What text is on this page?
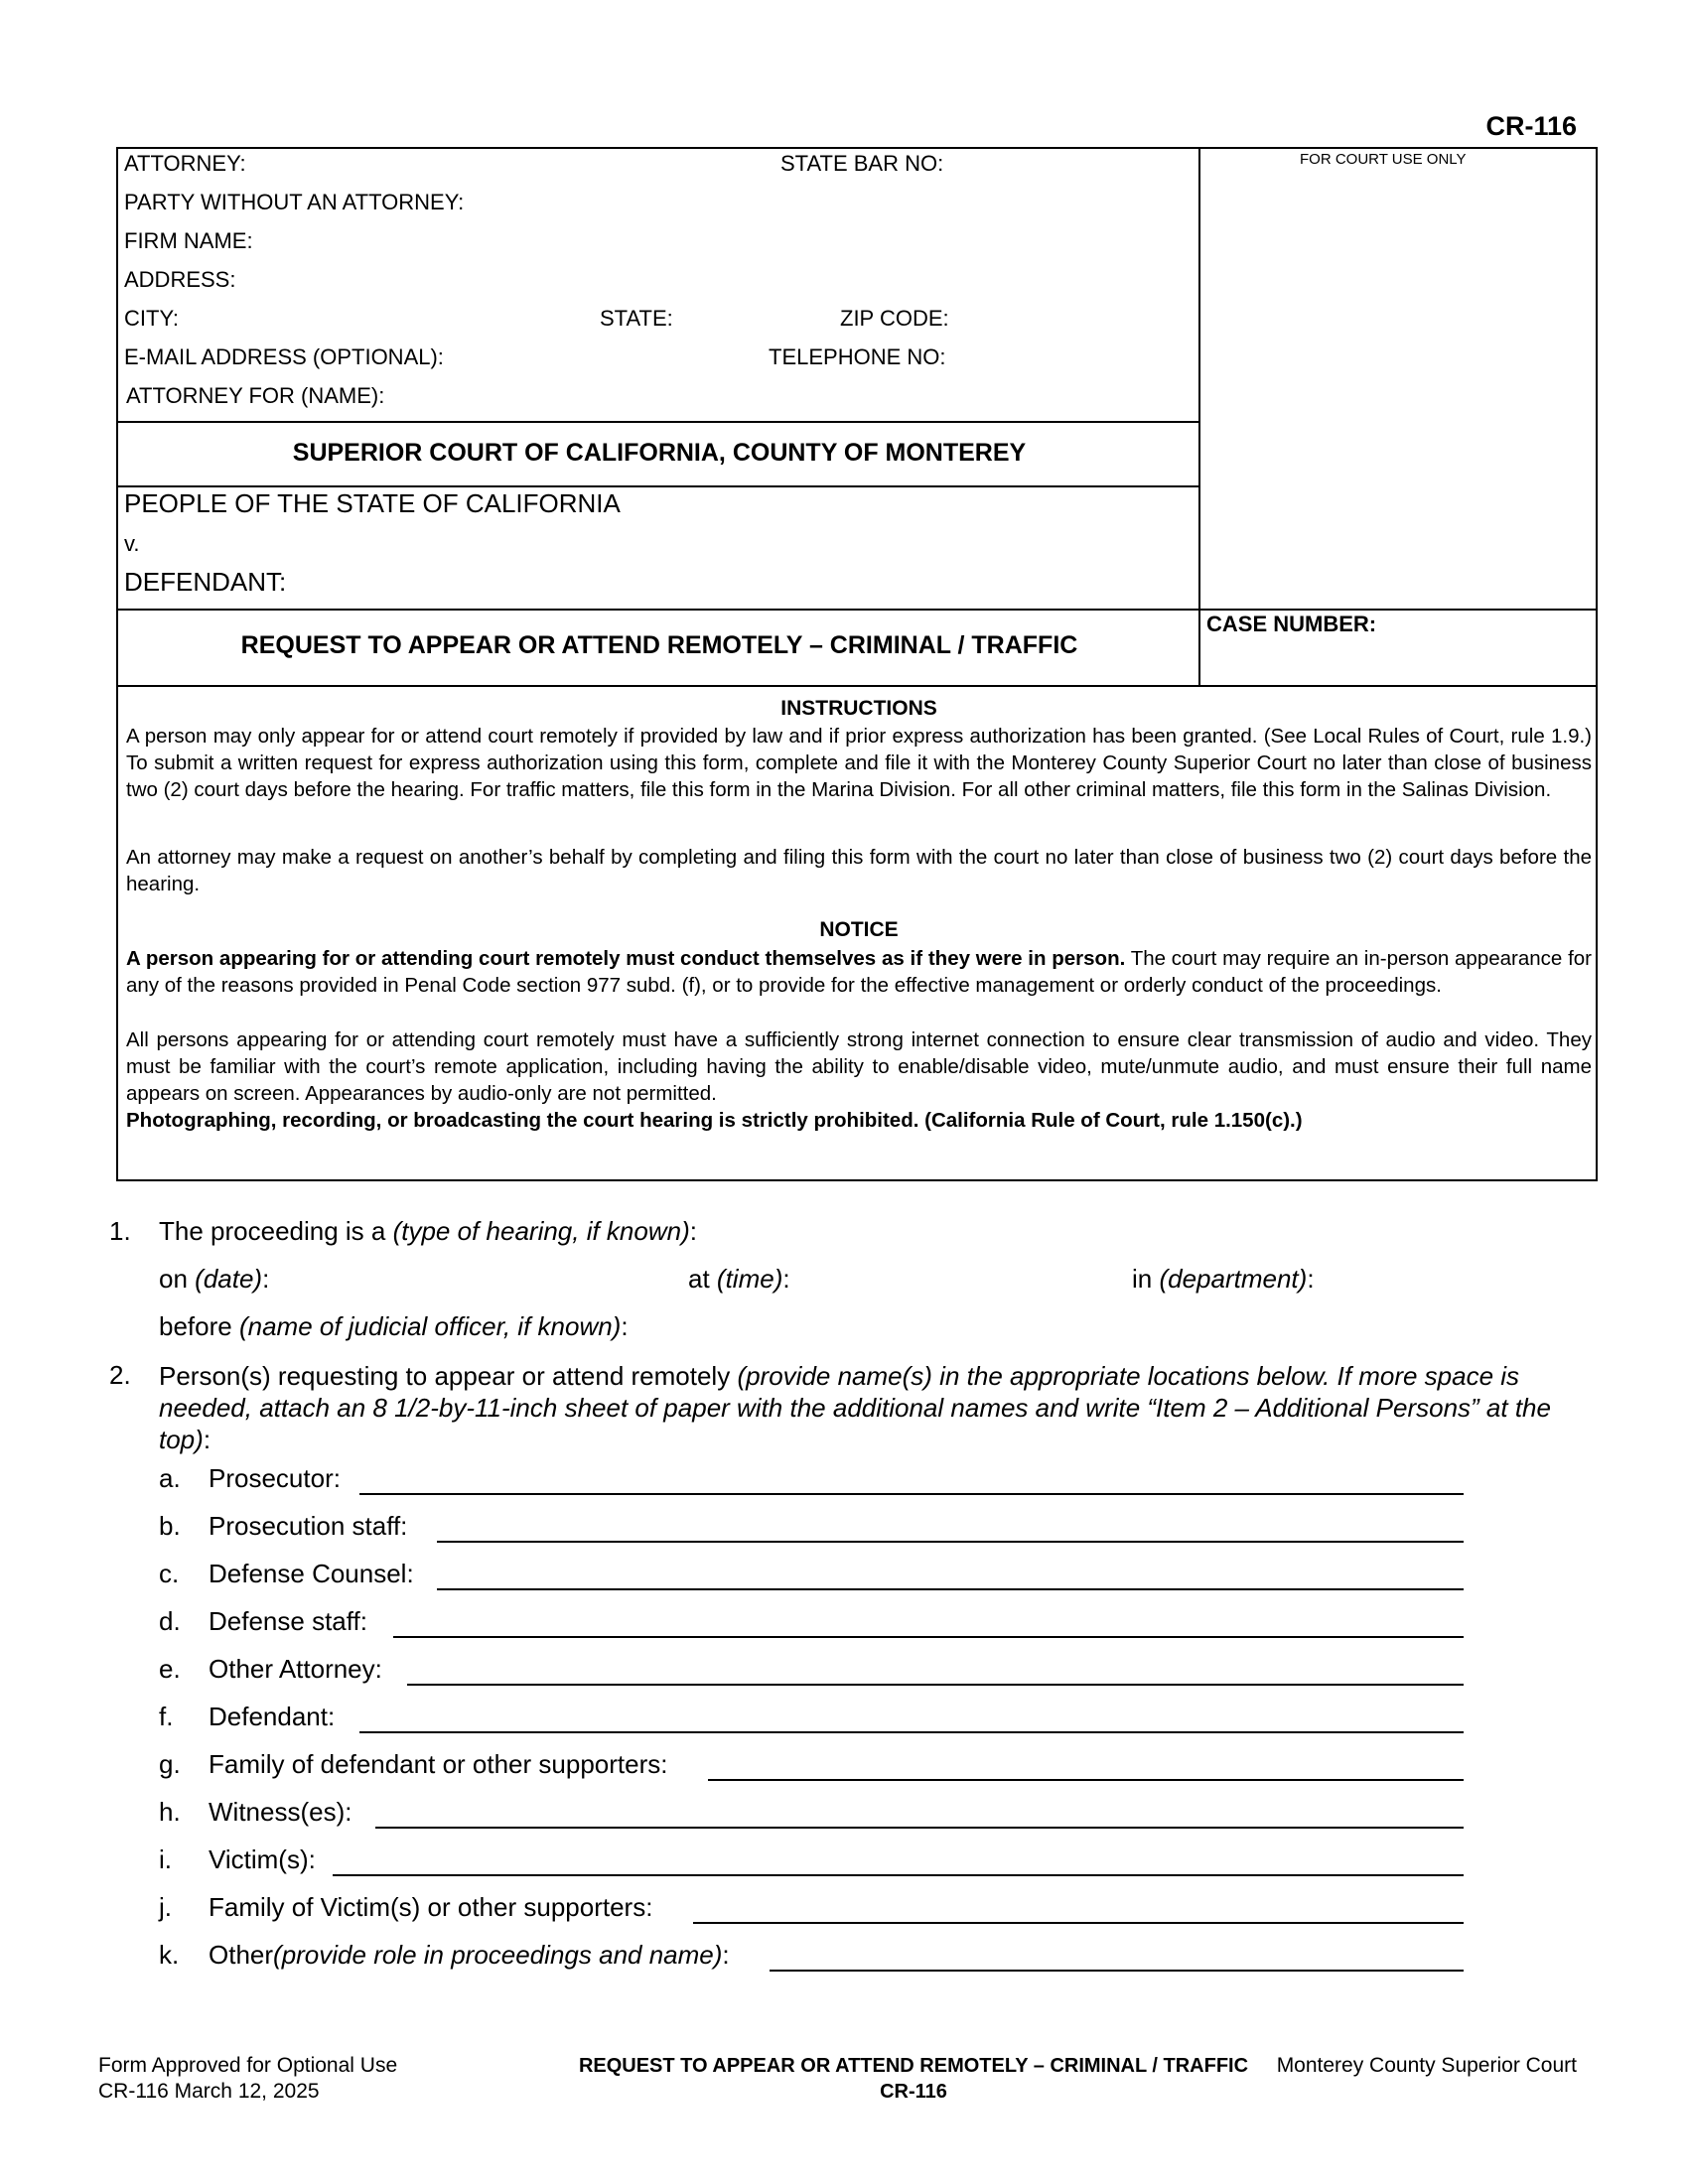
CR-116
ATTORNEY:	STATE BAR NO:
PARTY WITHOUT AN ATTORNEY:
FIRM NAME:
ADDRESS:
CITY:	STATE:	ZIP CODE:
E-MAIL ADDRESS (OPTIONAL):	TELEPHONE NO:
ATTORNEY FOR (NAME):
FOR COURT USE ONLY
SUPERIOR COURT OF CALIFORNIA, COUNTY OF MONTEREY
PEOPLE OF THE STATE OF CALIFORNIA
v.
DEFENDANT:
REQUEST TO APPEAR OR ATTEND REMOTELY – CRIMINAL / TRAFFIC
CASE NUMBER:
INSTRUCTIONS
A person may only appear for or attend court remotely if provided by law and if prior express authorization has been granted. (See Local Rules of Court, rule 1.9.) To submit a written request for express authorization using this form, complete and file it with the Monterey County Superior Court no later than close of business two (2) court days before the hearing. For traffic matters, file this form in the Marina Division. For all other criminal matters, file this form in the Salinas Division.
An attorney may make a request on another’s behalf by completing and filing this form with the court no later than close of business two (2) court days before the hearing.
NOTICE
A person appearing for or attending court remotely must conduct themselves as if they were in person. The court may require an in-person appearance for any of the reasons provided in Penal Code section 977 subd. (f), or to provide for the effective management or orderly conduct of the proceedings.
All persons appearing for or attending court remotely must have a sufficiently strong internet connection to ensure clear transmission of audio and video. They must be familiar with the court’s remote application, including having the ability to enable/disable video, mute/unmute audio, and must ensure their full name appears on screen. Appearances by audio-only are not permitted.
Photographing, recording, or broadcasting the court hearing is strictly prohibited. (California Rule of Court, rule 1.150(c).)
1. The proceeding is a (type of hearing, if known):
on (date):	at (time):	in (department):
before (name of judicial officer, if known):
2. Person(s) requesting to appear or attend remotely (provide name(s) in the appropriate locations below. If more space is needed, attach an 8 1/2-by-11-inch sheet of paper with the additional names and write “Item 2 – Additional Persons” at the top):
a.	Prosecutor:
b.	Prosecution staff:
c.	Defense Counsel:
d.	Defense staff:
e.	Other Attorney:
f.	Defendant:
g.	Family of defendant or other supporters:
h.	Witness(es):
i.	Victim(s):
j.	Family of Victim(s) or other supporters:
k.	Other (provide role in proceedings and name) :
Form Approved for Optional Use
CR-116 March 12, 2025
REQUEST TO APPEAR OR ATTEND REMOTELY – CRIMINAL / TRAFFIC
CR-116
Monterey County Superior Court
